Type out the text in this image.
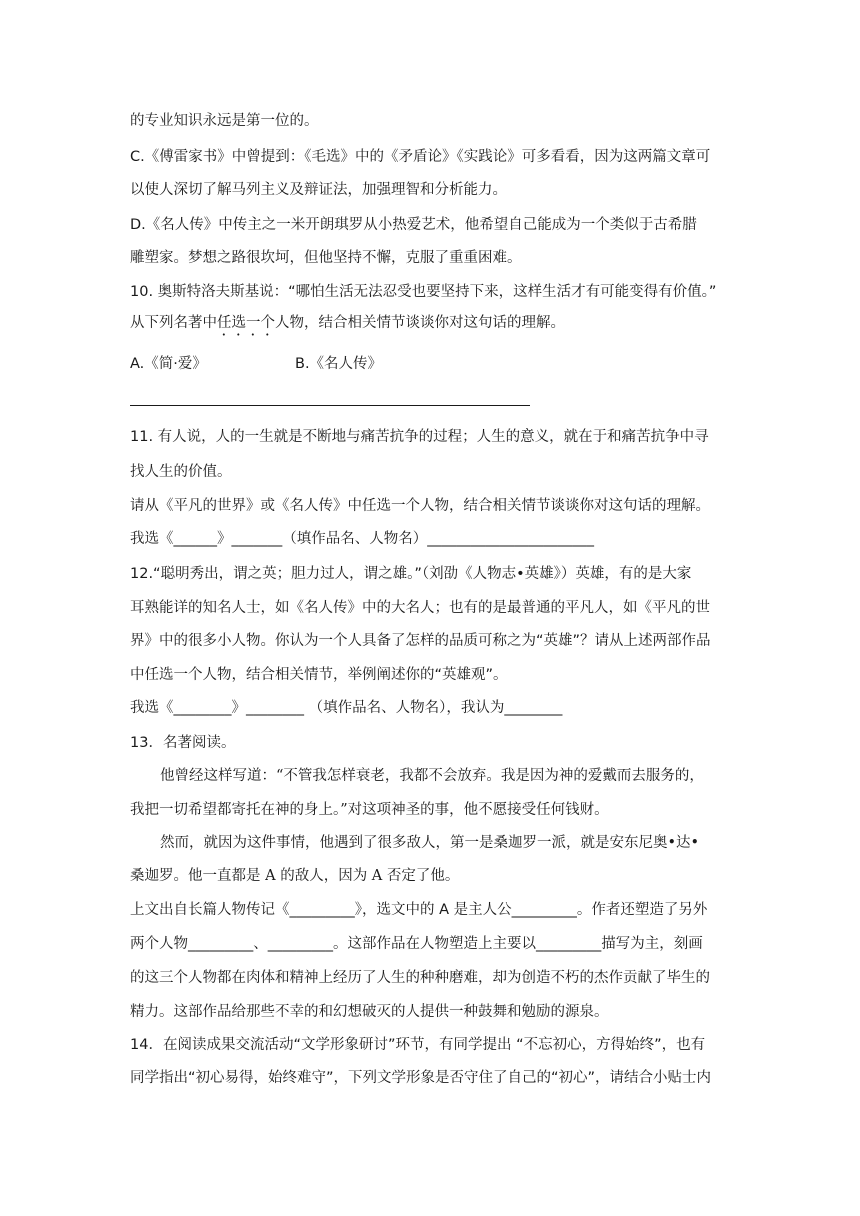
的专业知识永远是第一位的。
C.《傅雷家书》中曾提到：《毛选》中的《矛盾论》《实践论》可多看看，因为这两篇文章可
以使人深切了解马列主义及辩证法，加强理智和分析能力。
D.《名人传》中传主之一米开朗琪罗从小热爱艺术，他希望自己能成为一个类似于古希腊
雕塑家。梦想之路很坎坷，但他坚持不懈，克服了重重困难。
10. 奥斯特洛夫斯基说：“哪怕生活无法忍受也要坚持下来，这样生活才有可能变得有价值。”
从下列名著中任选一个人物，结合相关情节谈谈你对这句话的理解。
A.《简·爱》	B.《名人传》
11. 有人说，人的一生就是不断地与痛苦抗争的过程；人生的意义，就在于和痛苦抗争中寻
找人生的价值。
请从《平凡的世界》或《名人传》中任选一个人物，结合相关情节谈谈你对这句话的理解。
我选《______》_______（填作品名、人物名）_______________________
12.“聪明秀出，谓之英；胆力过人，谓之雄。”（刘劭《人物志•英雄》）英雄，有的是大家
耳熟能详的知名人士，如《名人传》中的大名人；也有的是最普通的平凡人，如《平凡的世
界》中的很多小人物。你认为一个人具备了怎样的品质可称之为“英雄”？请从上述两部作品
中任选一个人物，结合相关情节，举例阐述你的“英雄观”。
我选《________》________ （填作品名、人物名），我认为________
13．名著阅读。
他曾经这样写道：“不管我怎样衰老，我都不会放弃。我是因为神的爱戴而去服务的，
我把一切希望都寄托在神的身上。”对这项神圣的事，他不愿接受任何钱财。
然而，就因为这件事情，他遇到了很多敌人，第一是桑迦罗一派，就是安东尼奥•达•
桑迦罗。他一直都是 A 的敌人，因为 A 否定了他。
上文出自长篇人物传记《_________》，选文中的 A 是主人公_________。作者还塑造了另外
两个人物_________、_________。这部作品在人物塑造上主要以_________描写为主，刻画
的这三个人物都在肉体和精神上经历了人生的种种磨难，却为创造不朽的杰作贡献了毕生的
精力。这部作品给那些不幸的和幻想破灭的人提供一种鼓舞和勉励的源泉。
14．在阅读成果交流活动“文学形象研讨”环节，有同学提出 “不忘初心，方得始终”，也有
同学指出“初心易得，始终难守”，下列文学形象是否守住了自己的“初心”，请结合小贴士内
